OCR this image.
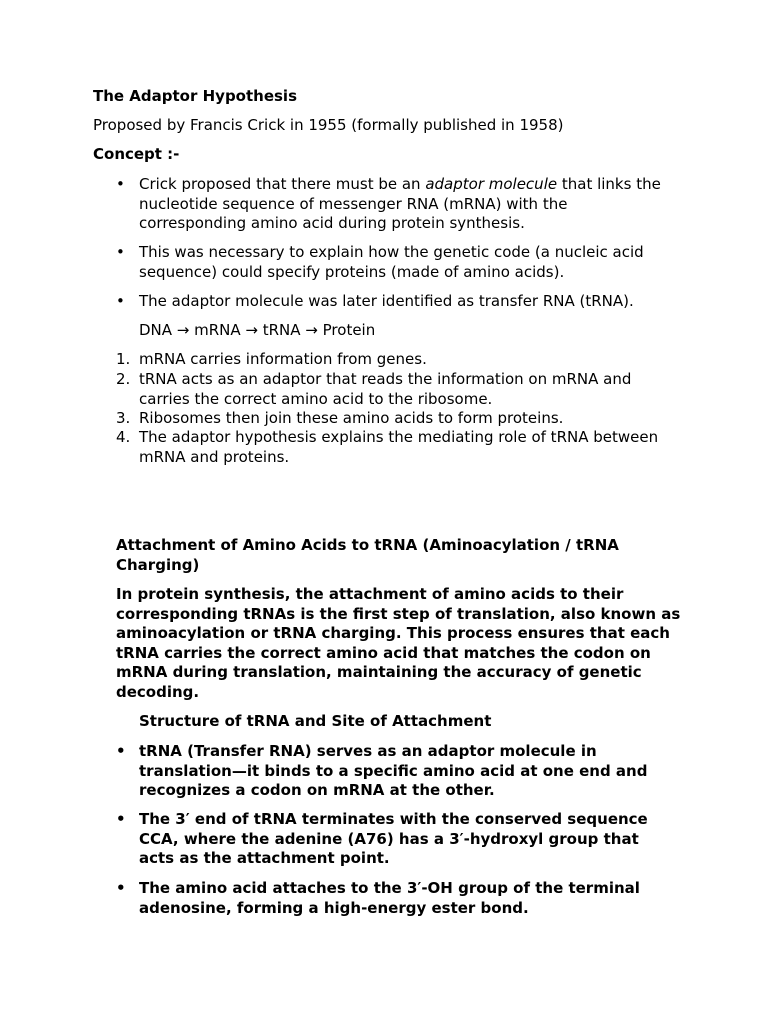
The Adaptor Hypothesis
Proposed by Francis Crick in 1955 (formally published in 1958)
Concept :-
• Crick proposed that there must be an adaptor molecule that links the nucleotide sequence of messenger RNA (mRNA) with the corresponding amino acid during protein synthesis.
• This was necessary to explain how the genetic code (a nucleic acid sequence) could specify proteins (made of amino acids).
• The adaptor molecule was later identified as transfer RNA (tRNA).
DNA → mRNA → tRNA → Protein
1. mRNA carries information from genes.
2. tRNA acts as an adaptor that reads the information on mRNA and carries the correct amino acid to the ribosome.
3. Ribosomes then join these amino acids to form proteins.
4. The adaptor hypothesis explains the mediating role of tRNA between mRNA and proteins.
Attachment of Amino Acids to tRNA (Aminoacylation / tRNA Charging)
In protein synthesis, the attachment of amino acids to their corresponding tRNAs is the first step of translation, also known as aminoacylation or tRNA charging. This process ensures that each tRNA carries the correct amino acid that matches the codon on mRNA during translation, maintaining the accuracy of genetic decoding.
Structure of tRNA and Site of Attachment
• tRNA (Transfer RNA) serves as an adaptor molecule in translation—it binds to a specific amino acid at one end and recognizes a codon on mRNA at the other.
• The 3′ end of tRNA terminates with the conserved sequence CCA, where the adenine (A76) has a 3′-hydroxyl group that acts as the attachment point.
• The amino acid attaches to the 3′-OH group of the terminal adenosine, forming a high-energy ester bond.
